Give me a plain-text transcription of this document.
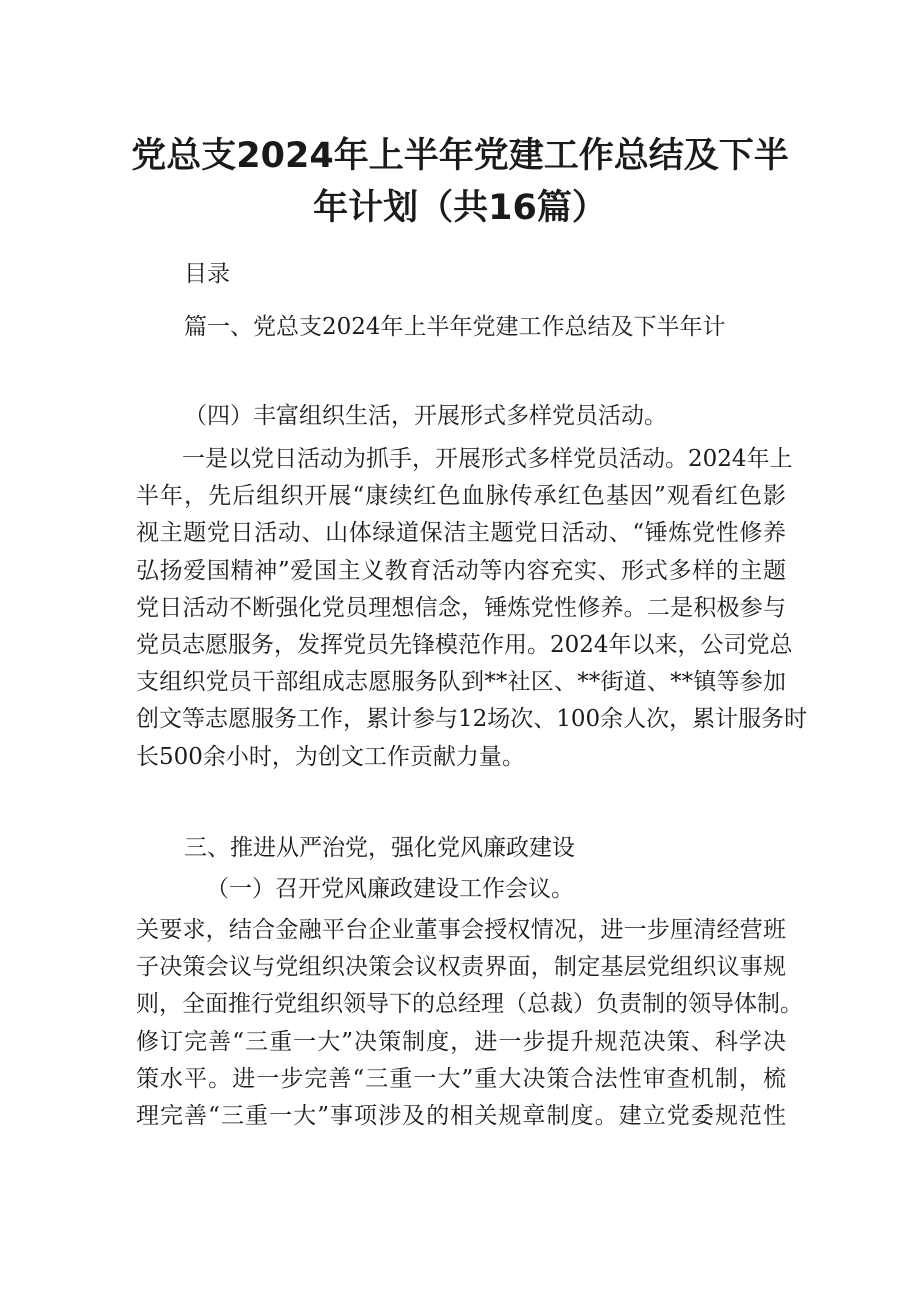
党总支2024年上半年党建工作总结及下半
年计划（共16篇）
目录
篇一、党总支2024年上半年党建工作总结及下半年计
（四）丰富组织生活，开展形式多样党员活动。
一是以党日活动为抓手，开展形式多样党员活动。2024年上
半年，先后组织开展“康续红色血脉传承红色基因”观看红色影
视主题党日活动、山体绿道保洁主题党日活动、“锤炼党性修养
弘扬爱国精神”爱国主义教育活动等内容充实、形式多样的主题
党日活动不断强化党员理想信念，锤炼党性修养。二是积极参与
党员志愿服务，发挥党员先锋模范作用。2024年以来，公司党总
支组织党员干部组成志愿服务队到**社区、**街道、**镇等参加
创文等志愿服务工作，累计参与12场次、100余人次，累计服务时
长500余小时，为创文工作贡献力量。
三、推进从严治党，强化党风廉政建设
（一）召开党风廉政建设工作会议。
关要求，结合金融平台企业董事会授权情况，进一步厘清经营班
子决策会议与党组织决策会议权责界面，制定基层党组织议事规
则，全面推行党组织领导下的总经理（总裁）负责制的领导体制。
修订完善“三重一大”决策制度，进一步提升规范决策、科学决
策水平。进一步完善“三重一大”重大决策合法性审查机制，梳
理完善“三重一大”事项涉及的相关规章制度。建立党委规范性
